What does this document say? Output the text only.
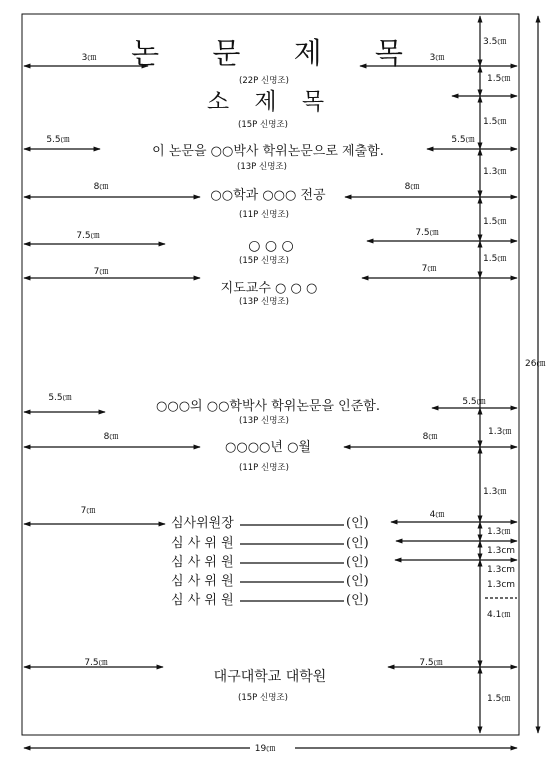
논 문 제 목
(22P 신명조)
소 제 목
(15P 신명조)
이 논문을 ○○박사 학위논문으로 제출함.
(13P 신명조)
○○학과 ○○○ 전공
(11P 신명조)
○ ○ ○
(15P 신명조)
지도교수 ○ ○ ○
(13P 신명조)
○○○의 ○○학박사 학위논문을 인준함.
(13P 신명조)
○○○○년 ○월
(11P 신명조)
심사위원장	(인)
심 사 위 원	(인)
심 사 위 원	(인)
심 사 위 원	(인)
심 사 위 원	(인)
대구대학교 대학원
(15P 신명조)
3㎝
5.5㎝
8㎝
7.5㎝
7㎝
5.5㎝
8㎝
7㎝
7.5㎝
3㎝
5.5㎝
8㎝
7.5㎝
7㎝
5.5㎝
8㎝
4㎝
7.5㎝
3.5㎝
1.5㎝
1.5㎝
1.3㎝
1.5㎝
1.5㎝
1.3㎝
1.3㎝
1.3㎝
1.3cm
1.3cm
1.3cm
4.1㎝
1.5㎝
26㎝
19㎝
